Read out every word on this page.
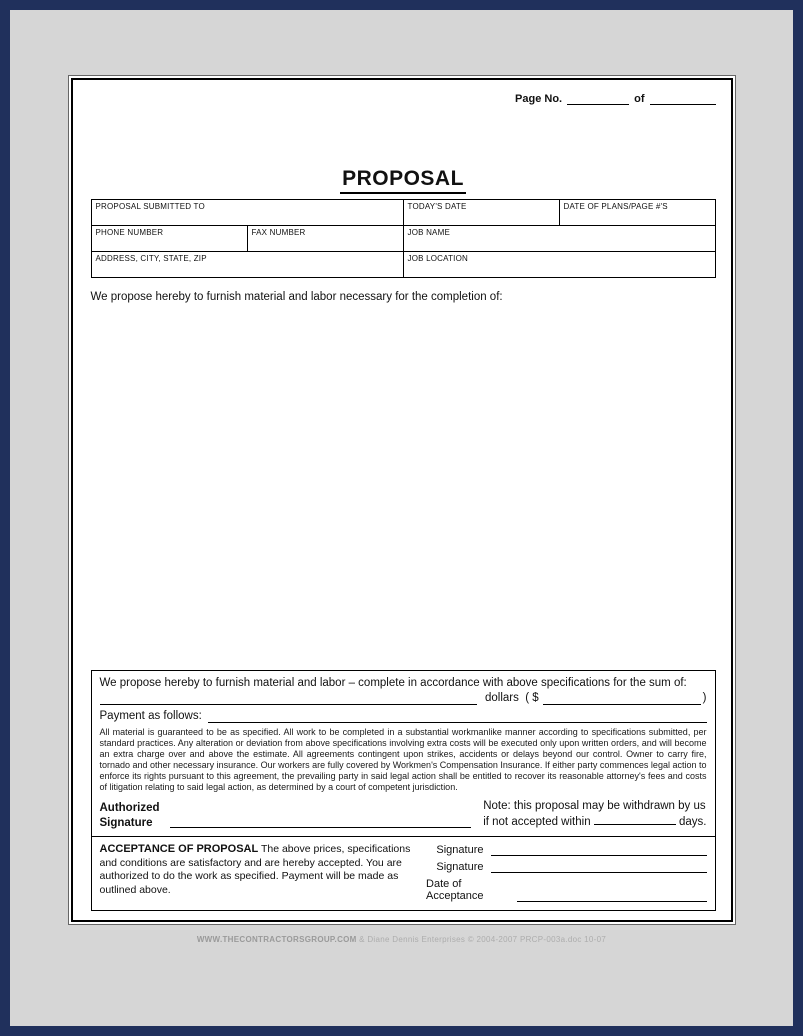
Page No.	of
PROPOSAL
PROPOSAL SUBMITTED TO		TODAY'S DATE	DATE OF PLANS/PAGE #'S
PHONE NUMBER	FAX NUMBER	JOB NAME	
ADDRESS, CITY, STATE, ZIP		JOB LOCATION	

We propose hereby to furnish material and labor necessary for the completion of:

We propose hereby to furnish material and labor – complete in accordance with above specifications for the sum of:

dollars  ( $	)
Payment as follows:

All material is guaranteed to be as specified. All work to be completed in a substantial workmanlike manner according to specifications submitted, per standard practices. Any alteration or deviation from above specifications involving extra costs will be executed only upon written orders, and will become an extra charge over and above the estimate. All agreements contingent upon strikes, accidents or delays beyond our control. Owner to carry fire, tornado and other necessary insurance. Our workers are fully covered by Workmen's Compensation Insurance. If either party commences legal action to enforce its rights pursuant to this agreement, the prevailing party in said legal action shall be entitled to recover its reasonable attorney's fees and costs of litigation relating to said legal action, as determined by a court of competent jurisdiction.

Authorized
Signature
Note: this proposal may be withdrawn by us
if not accepted within	days.

ACCEPTANCE OF PROPOSAL The above prices, specifications and conditions are satisfactory and are hereby accepted. You are authorized to do the work as specified. Payment will be made as outlined above.

Signature
Signature
Date of Acceptance
WWW.THECONTRACTORSGROUP.COM & Diane Dennis Enterprises © 2004-2007 PRCP-003a.doc 10-07
